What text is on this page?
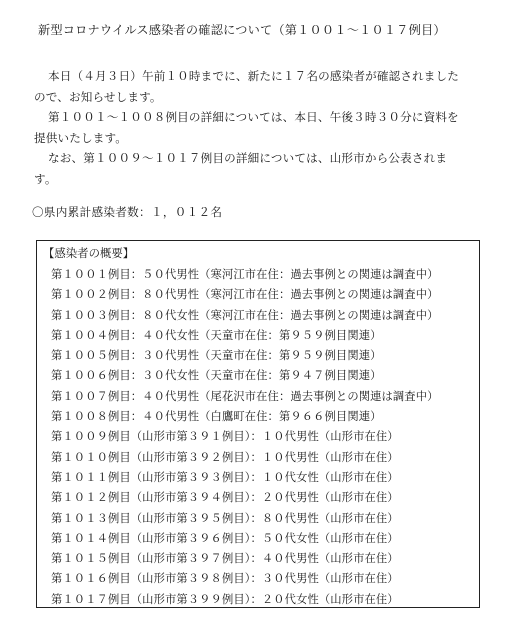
新型コロナウイルス感染者の確認について（第１００１～１０１７例目）
本日（４月３日）午前１０時までに、新たに１７名の感染者が確認されましたので、お知らせします。
第１００１～１００８例目の詳細については、本日、午後３時３０分に資料を提供いたします。
なお、第１００９～１０１７例目の詳細については、山形市から公表されます。
〇県内累計感染者数：１，０１２名
【感染者の概要】
第１００１例目：５０代男性（寒河江市在住：過去事例との関連は調査中）
第１００２例目：８０代男性（寒河江市在住：過去事例との関連は調査中）
第１００３例目：８０代女性（寒河江市在住：過去事例との関連は調査中）
第１００４例目：４０代女性（天童市在住：第９５９例目関連）
第１００５例目：３０代男性（天童市在住：第９５９例目関連）
第１００６例目：３０代女性（天童市在住：第９４７例目関連）
第１００７例目：４０代男性（尾花沢市在住：過去事例との関連は調査中）
第１００８例目：４０代男性（白鷹町在住：第９６６例目関連）
第１００９例目（山形市第３９１例目）：１０代男性（山形市在住）
第１０１０例目（山形市第３９２例目）：１０代男性（山形市在住）
第１０１１例目（山形市第３９３例目）：１０代女性（山形市在住）
第１０１２例目（山形市第３９４例目）：２０代男性（山形市在住）
第１０１３例目（山形市第３９５例目）：８０代男性（山形市在住）
第１０１４例目（山形市第３９６例目）：５０代女性（山形市在住）
第１０１５例目（山形市第３９７例目）：４０代男性（山形市在住）
第１０１６例目（山形市第３９８例目）：３０代男性（山形市在住）
第１０１７例目（山形市第３９９例目）：２０代女性（山形市在住）
